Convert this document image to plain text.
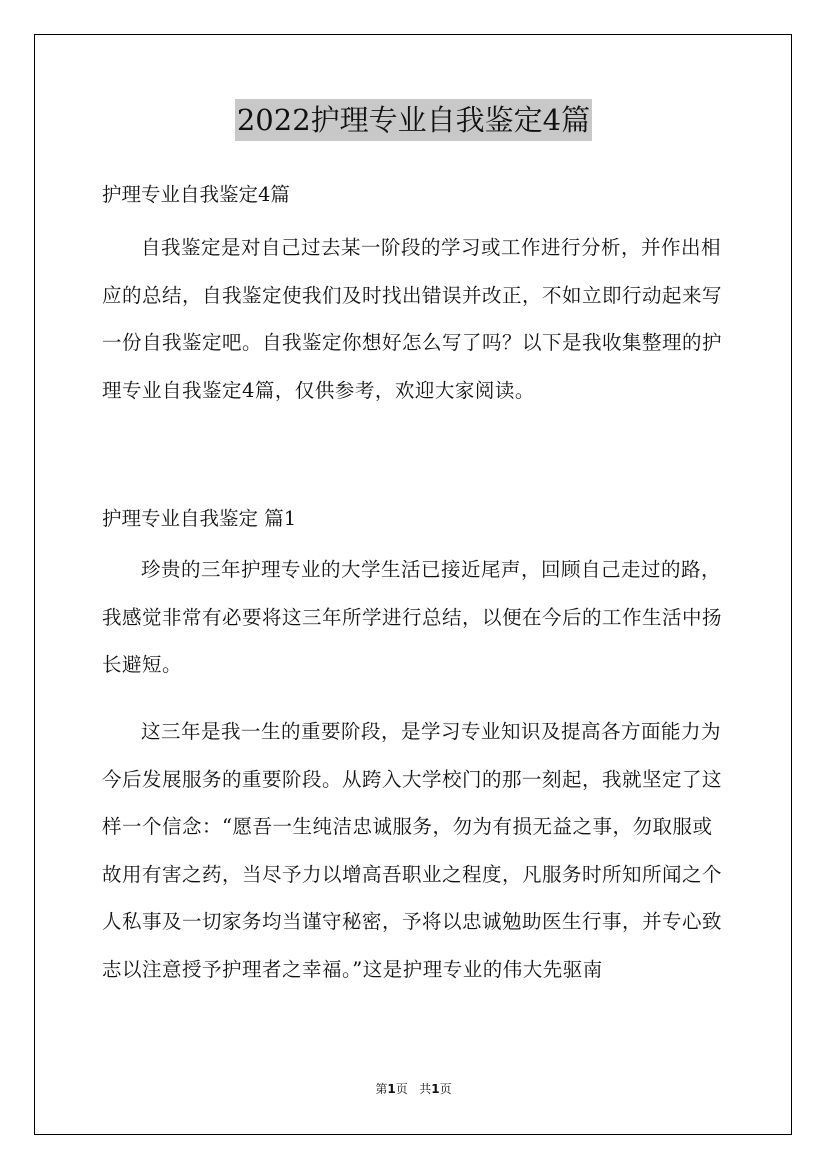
2022护理专业自我鉴定4篇

护理专业自我鉴定4篇

自我鉴定是对自己过去某一阶段的学习或工作进行分析，并作出相应的总结，自我鉴定使我们及时找出错误并改正，不如立即行动起来写一份自我鉴定吧。自我鉴定你想好怎么写了吗？以下是我收集整理的护理专业自我鉴定4篇，仅供参考，欢迎大家阅读。

护理专业自我鉴定 篇1

珍贵的三年护理专业的大学生活已接近尾声，回顾自己走过的路，我感觉非常有必要将这三年所学进行总结，以便在今后的工作生活中扬长避短。

这三年是我一生的重要阶段，是学习专业知识及提高各方面能力为今后发展服务的重要阶段。从跨入大学校门的那一刻起，我就坚定了这样一个信念：“愿吾一生纯洁忠诚服务，勿为有损无益之事，勿取服或故用有害之药，当尽予力以增高吾职业之程度，凡服务时所知所闻之个人私事及一切家务均当谨守秘密，予将以忠诚勉助医生行事，并专心致志以注意授予护理者之幸福。”这是护理专业的伟大先驱南

第1页 共1页
